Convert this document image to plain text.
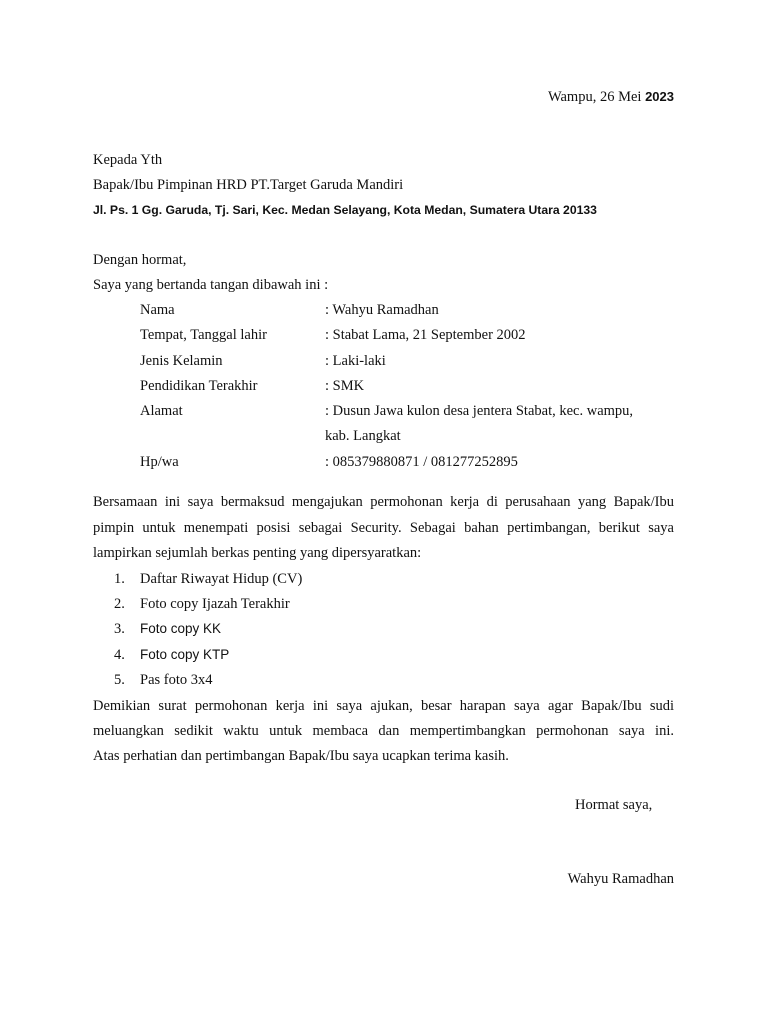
Wampu, 26 Mei 2023
Kepada Yth
Bapak/Ibu Pimpinan HRD PT.Target Garuda Mandiri
Jl. Ps. 1 Gg. Garuda, Tj. Sari, Kec. Medan Selayang, Kota Medan, Sumatera Utara 20133
Dengan hormat,
Saya yang bertanda tangan dibawah ini :
Nama	: Wahyu Ramadhan
Tempat, Tanggal lahir	: Stabat Lama, 21 September 2002
Jenis Kelamin	: Laki-laki
Pendidikan Terakhir	: SMK
Alamat	: Dusun Jawa kulon desa jentera Stabat, kec. wampu,
kab. Langkat
Hp/wa	: 085379880871 / 081277252895
Bersamaan ini saya bermaksud mengajukan permohonan kerja di perusahaan yang Bapak/Ibu
pimpin untuk menempati posisi sebagai Security. Sebagai bahan pertimbangan, berikut saya
lampirkan sejumlah berkas penting yang dipersyaratkan:
1. Daftar Riwayat Hidup (CV)
2. Foto copy Ijazah Terakhir
3. Foto copy KK
4. Foto copy KTP
5. Pas foto 3x4
Demikian surat permohonan kerja ini saya ajukan, besar harapan saya agar Bapak/Ibu sudi
meluangkan sedikit waktu untuk membaca dan mempertimbangkan permohonan saya ini.
Atas perhatian dan pertimbangan Bapak/Ibu saya ucapkan terima kasih.
Hormat saya,
Wahyu Ramadhan
